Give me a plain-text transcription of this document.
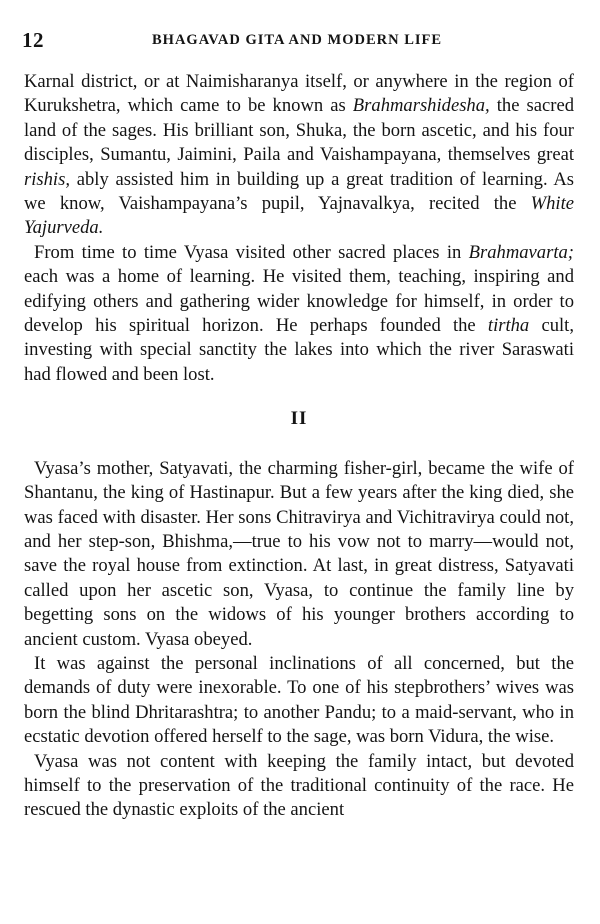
12	BHAGAVAD GITA AND MODERN LIFE

Karnal district, or at Naimisharanya itself, or anywhere in the region of Kurukshetra, which came to be known as Brahmarshidesha, the sacred land of the sages. His brilliant son, Shuka, the born ascetic, and his four disciples, Sumantu, Jaimini, Paila and Vaishampayana, themselves great rishis, ably assisted him in building up a great tradition of learning. As we know, Vaishampayana’s pupil, Yajnavalkya, recited the White Yajurveda.

From time to time Vyasa visited other sacred places in Brahmavarta; each was a home of learning. He visited them, teaching, inspiring and edifying others and gathering wider knowledge for himself, in order to develop his spiritual horizon. He perhaps founded the tirtha cult, investing with special sanctity the lakes into which the river Saraswati had flowed and been lost.

II

Vyasa’s mother, Satyavati, the charming fisher-girl, became the wife of Shantanu, the king of Hastinapur. But a few years after the king died, she was faced with disaster. Her sons Chitravirya and Vichitravirya could not, and her step-son, Bhishma,—true to his vow not to marry—would not, save the royal house from extinction. At last, in great distress, Satyavati called upon her ascetic son, Vyasa, to continue the family line by begetting sons on the widows of his younger brothers according to ancient custom. Vyasa obeyed.

It was against the personal inclinations of all concerned, but the demands of duty were inexorable. To one of his stepbrothers’ wives was born the blind Dhritarashtra; to another Pandu; to a maid-servant, who in ecstatic devotion offered herself to the sage, was born Vidura, the wise.

Vyasa was not content with keeping the family intact, but devoted himself to the preservation of the traditional continuity of the race. He rescued the dynastic exploits of the ancient
